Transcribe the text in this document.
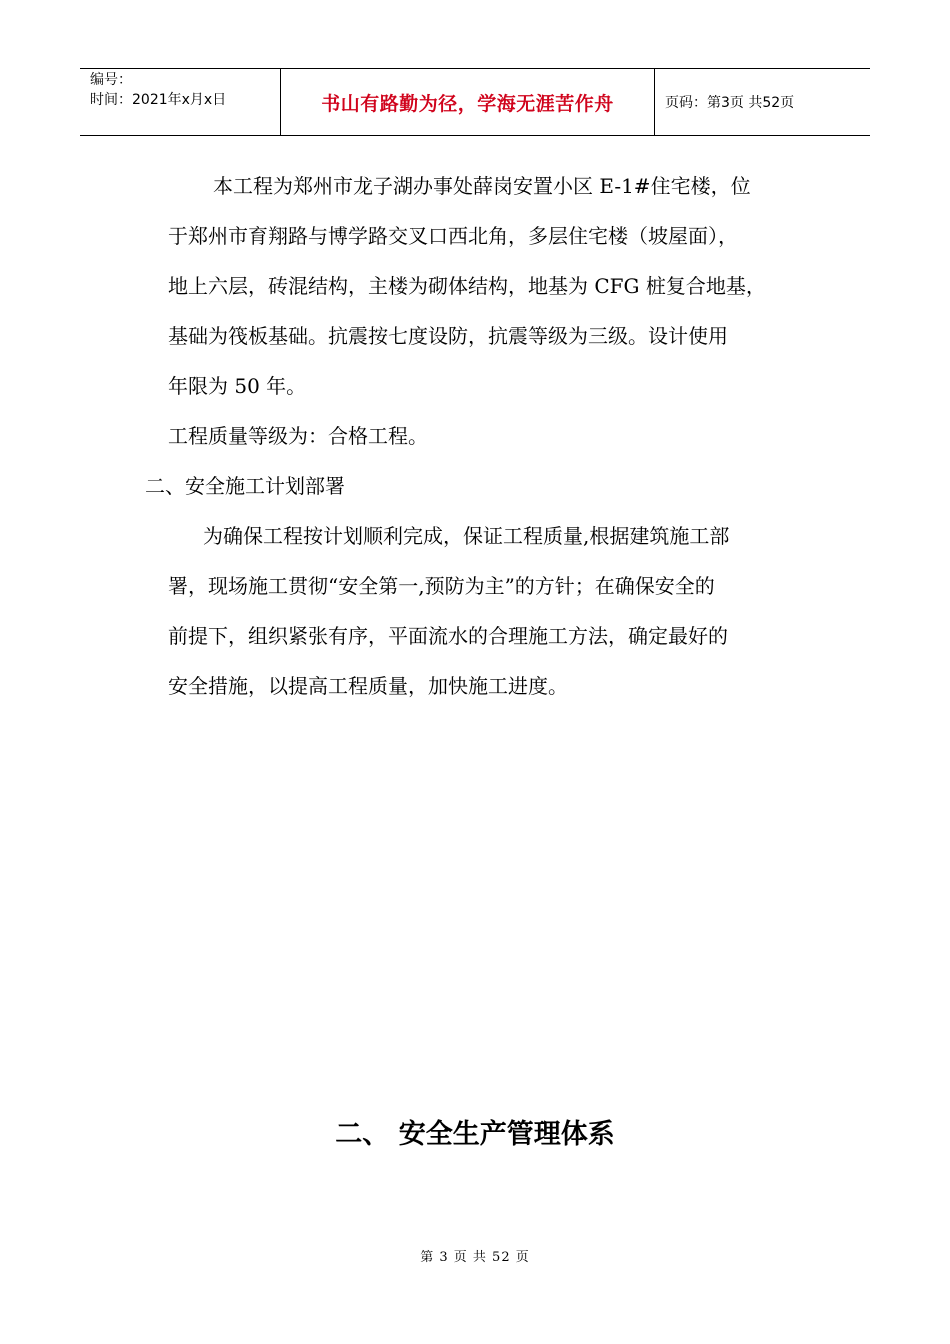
编号：
时间：2021年x月x日	书山有路勤为径，学海无涯苦作舟	页码：第3页 共52页

本工程为郑州市龙子湖办事处薛岗安置小区 E-1#住宅楼，位

于郑州市育翔路与博学路交叉口西北角，多层住宅楼（坡屋面），

地上六层，砖混结构，主楼为砌体结构，地基为 CFG 桩复合地基，

基础为筏板基础。抗震按七度设防，抗震等级为三级。设计使用

年限为 50 年。

工程质量等级为：合格工程。

二、安全施工计划部署

为确保工程按计划顺利完成，保证工程质量,根据建筑施工部

署，现场施工贯彻“安全第一,预防为主”的方针；在确保安全的

前提下，组织紧张有序，平面流水的合理施工方法，确定最好的

安全措施，以提高工程质量，加快施工进度。

二、 安全生产管理体系
第 3 页 共 52 页
